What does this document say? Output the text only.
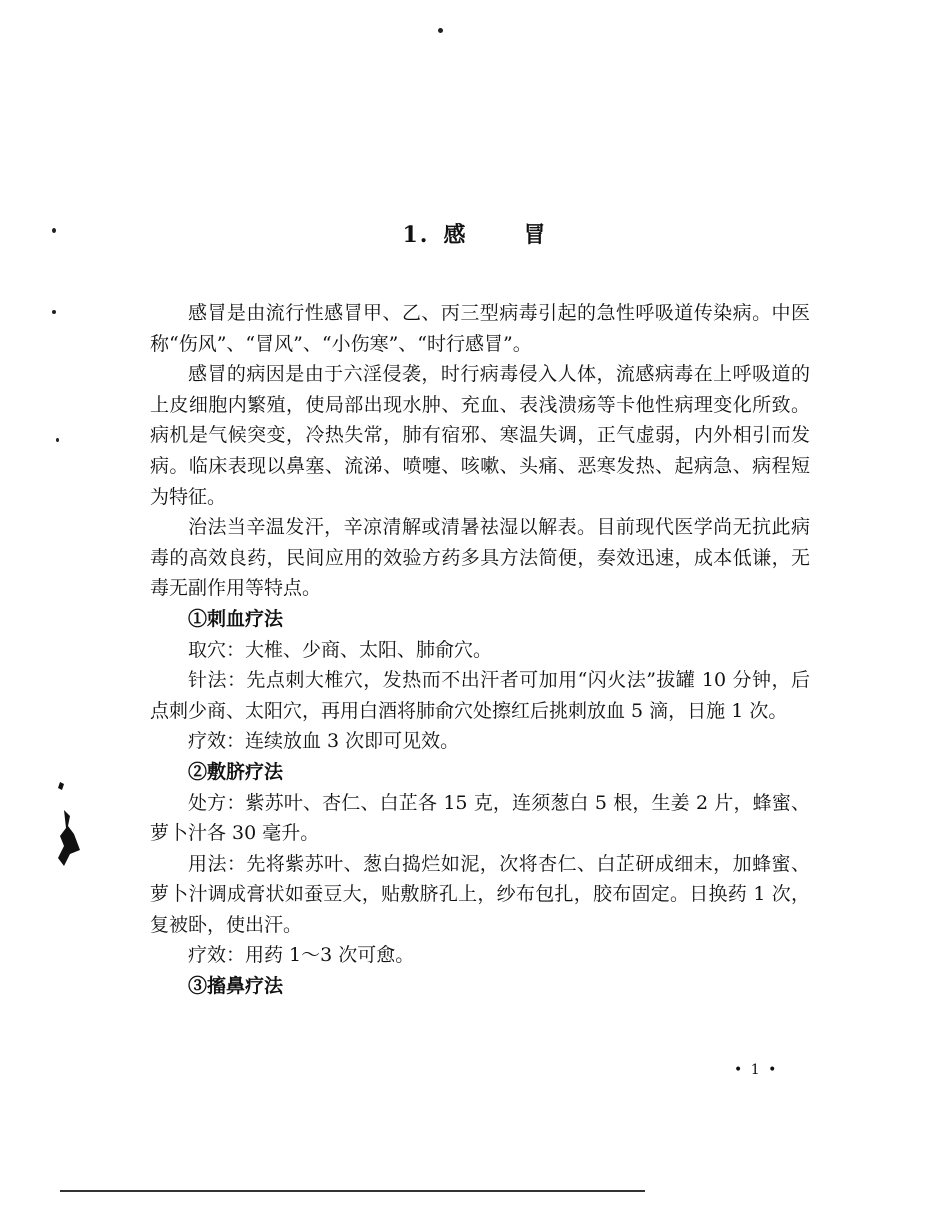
1. 感	冒

感冒是由流行性感冒甲、乙、丙三型病毒引起的急性呼吸道传染病。中医称“伤风”、“冒风”、“小伤寒”、“时行感冒”。

感冒的病因是由于六淫侵袭，时行病毒侵入人体，流感病毒在上呼吸道的上皮细胞内繁殖，使局部出现水肿、充血、表浅溃疡等卡他性病理变化所致。病机是气候突变，冷热失常，肺有宿邪、寒温失调，正气虚弱，内外相引而发病。临床表现以鼻塞、流涕、喷嚏、咳嗽、头痛、恶寒发热、起病急、病程短为特征。

治法当辛温发汗，辛凉清解或清暑祛湿以解表。目前现代医学尚无抗此病毒的高效良药，民间应用的效验方药多具方法简便，奏效迅速，成本低谦，无毒无副作用等特点。

①刺血疗法

取穴：大椎、少商、太阳、肺俞穴。

针法：先点刺大椎穴，发热而不出汗者可加用“闪火法”拔罐 10 分钟，后点刺少商、太阳穴，再用白酒将肺俞穴处擦红后挑刺放血 5 滴，日施 1 次。

疗效：连续放血 3 次即可见效。

②敷脐疗法

处方：紫苏叶、杏仁、白芷各 15 克，连须葱白 5 根，生姜 2 片，蜂蜜、萝卜汁各 30 毫升。

用法：先将紫苏叶、葱白捣烂如泥，次将杏仁、白芷研成细末，加蜂蜜、萝卜汁调成膏状如蚕豆大，贴敷脐孔上，纱布包扎，胶布固定。日换药 1 次，复被卧，使出汗。

疗效：用药 1～3 次可愈。

③搐鼻疗法

• 1 •
